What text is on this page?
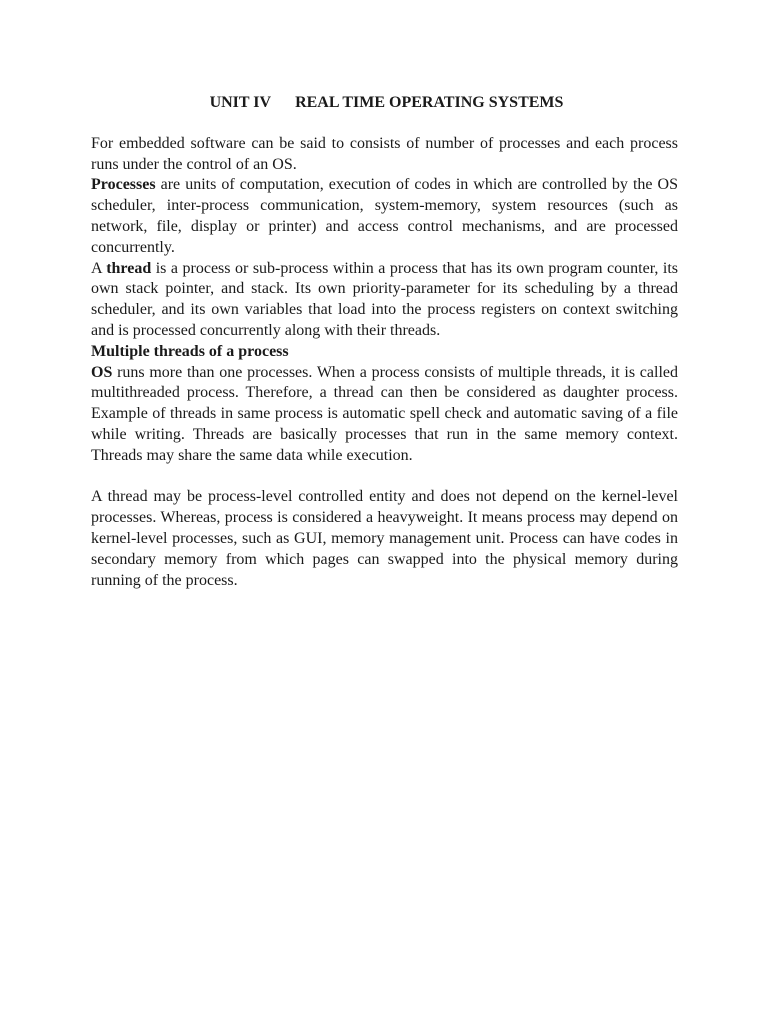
UNIT IV REAL TIME OPERATING SYSTEMS

For embedded software can be said to consists of number of processes and each process runs under the control of an OS.

Processes are units of computation, execution of codes in which are controlled by the OS scheduler, inter-process communication, system-memory, system resources (such as network, file, display or printer) and access control mechanisms, and are processed concurrently.

A thread is a process or sub-process within a process that has its own program counter, its own stack pointer, and stack. Its own priority-parameter for its scheduling by a thread scheduler, and its own variables that load into the process registers on context switching and is processed concurrently along with their threads.

Multiple threads of a process

OS runs more than one processes. When a process consists of multiple threads, it is called multithreaded process. Therefore, a thread can then be considered as daughter process. Example of threads in same process is automatic spell check and automatic saving of a file while writing. Threads are basically processes that run in the same memory context. Threads may share the same data while execution.

A thread may be process-level controlled entity and does not depend on the kernel-level processes. Whereas, process is considered a heavyweight. It means process may depend on kernel-level processes, such as GUI, memory management unit. Process can have codes in secondary memory from which pages can swapped into the physical memory during running of the process.
